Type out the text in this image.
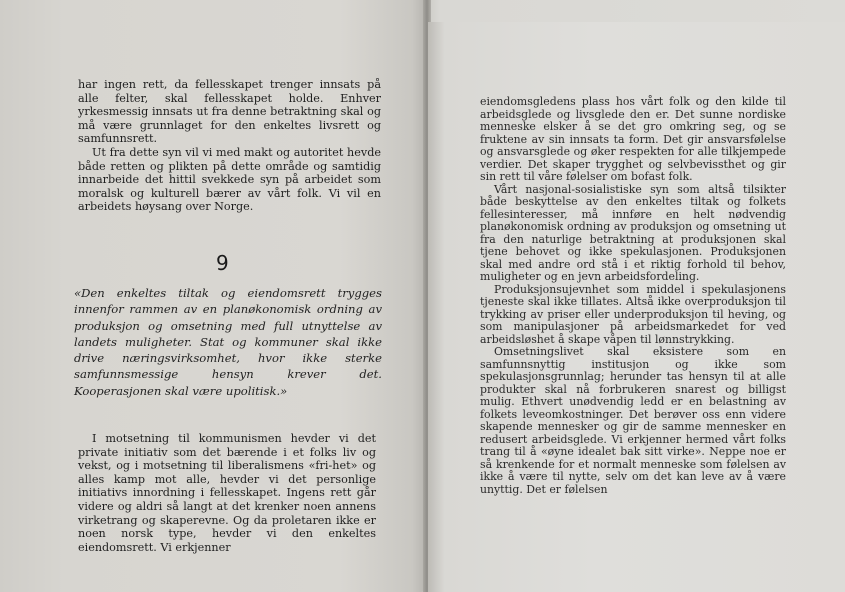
har ingen rett, da fellesskapet trenger innsats på alle felter, skal fellesskapet holde. Enhver yrkesmessig innsats ut fra denne betraktning skal og må være grunnlaget for den enkeltes livsrett og samfunnsrett.

Ut fra dette syn vil vi med makt og autoritet hevde både retten og plikten på dette område og samtidig innarbeide det hittil svekkede syn på arbeidet som moralsk og kulturell bærer av vårt folk. Vi vil en arbeidets høysang over Norge.

9
«Den enkeltes tiltak og eiendomsrett trygges innenfor rammen av en planøkonomisk ordning av produksjon og omsetning med full utnyttelse av landets muligheter. Stat og kommuner skal ikke drive næringsvirksomhet, hvor ikke sterke samfunnsmessige hensyn krever det. Kooperasjonen skal være upolitisk.»

I motsetning til kommunismen hevder vi det private initiativ som det bærende i et folks liv og vekst, og i motsetning til liberalismens «fri-het» og alles kamp mot alle, hevder vi det personlige initiativs innordning i fellesskapet. Ingens rett går videre og aldri så langt at det krenker noen annens virketrang og skaperevne. Og da proletaren ikke er noen norsk type, hevder vi den enkeltes eiendomsrett. Vi erkjenner

eiendomsgledens plass hos vårt folk og den kilde til arbeidsglede og livsglede den er. Det sunne nordiske menneske elsker å se det gro omkring seg, og se fruktene av sin innsats ta form. Det gir ansvarsfølelse og ansvarsglede og øker respekten for alle tilkjempede verdier. Det skaper trygghet og selvbevissthet og gir sin rett til våre følelser om bofast folk.

Vårt nasjonal-sosialistiske syn som altså tilsikter både beskyttelse av den enkeltes tiltak og folkets fellesinteresser, må innføre en helt nødvendig planøkonomisk ordning av produksjon og omsetning ut fra den naturlige betraktning at produksjonen skal tjene behovet og ikke spekulasjonen. Produksjonen skal med andre ord stå i et riktig forhold til behov, muligheter og en jevn arbeidsfordeling.

Produksjonsujevnhet som middel i spekulasjonens tjeneste skal ikke tillates. Altså ikke overproduksjon til trykking av priser eller underproduksjon til heving, og som manipulasjoner på arbeidsmarkedet for ved arbeidsløshet å skape våpen til lønnstrykking.

Omsetningslivet skal eksistere som en samfunnsnyttig institusjon og ikke som spekulasjonsgrunnlag; herunder tas hensyn til at alle produkter skal nå forbrukeren snarest og billigst mulig. Ethvert unødvendig ledd er en belastning av folkets leveomkostninger. Det berøver oss enn videre skapende mennesker og gir de samme mennesker en redusert arbeidsglede. Vi erkjenner hermed vårt folks trang til å «øyne idealet bak sitt virke». Neppe noe er så krenkende for et normalt menneske som følelsen av ikke å være til nytte, selv om det kan leve av å være unyttig. Det er følelsen
